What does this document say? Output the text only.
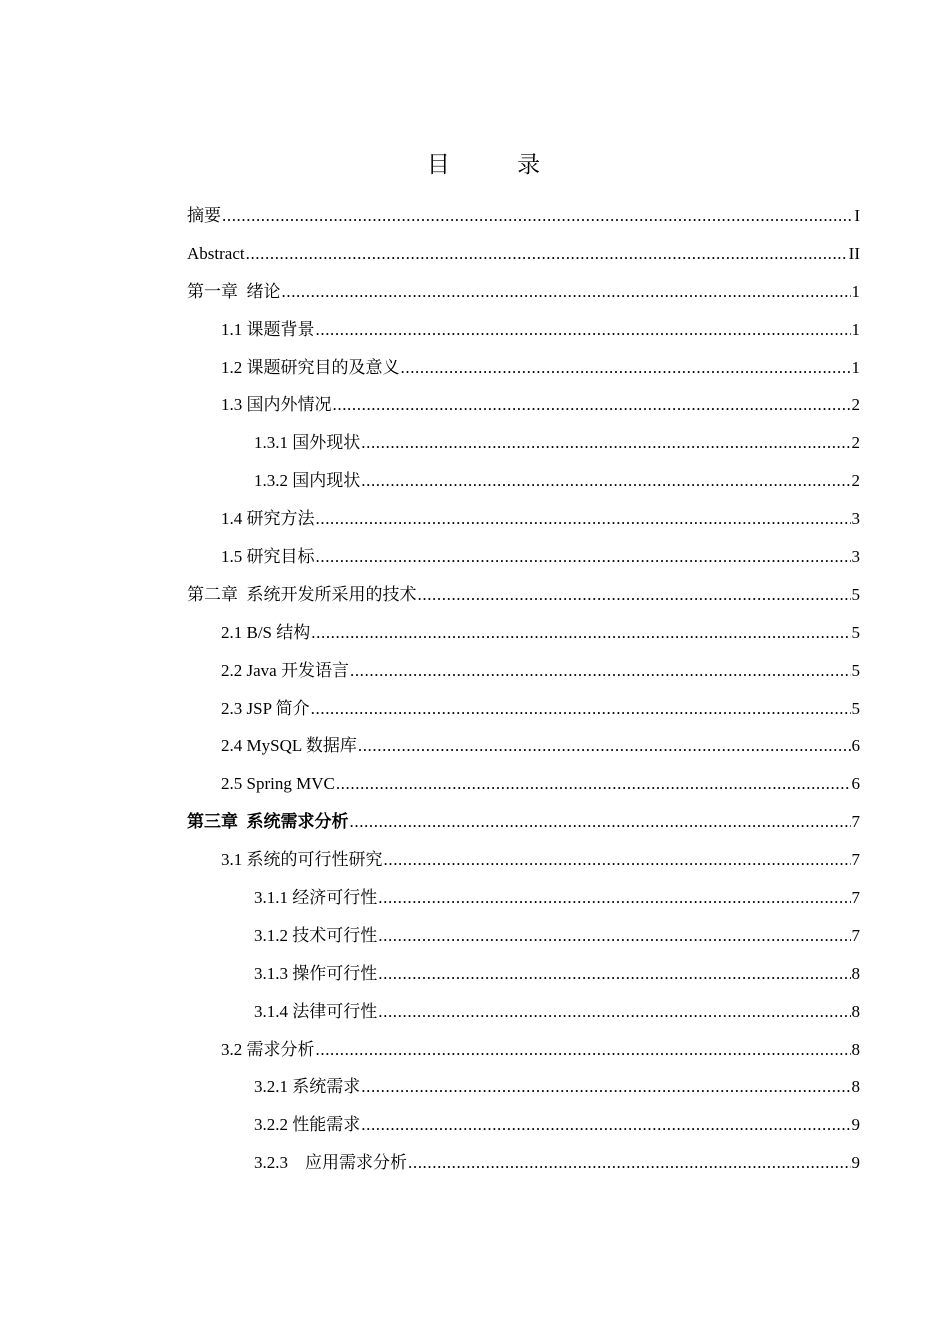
目 录
摘要 .....	I
Abstract .....	II
第一章  绪论 .....	1
1.1 课题背景 .....	1
1.2 课题研究目的及意义 .....	1
1.3 国内外情况 .....	2
1.3.1 国外现状 .....	2
1.3.2 国内现状 .....	2
1.4 研究方法 .....	3
1.5 研究目标 .....	3
第二章  系统开发所采用的技术 .....	5
2.1 B/S 结构 .....	5
2.2 Java 开发语言 .....	5
2.3 JSP 简介 .....	5
2.4 MySQL 数据库 .....	6
2.5 Spring MVC .....	6
第三章  系统需求分析 .....	7
3.1 系统的可行性研究 .....	7
3.1.1 经济可行性 .....	7
3.1.2 技术可行性 .....	7
3.1.3 操作可行性 .....	8
3.1.4 法律可行性 .....	8
3.2 需求分析 .....	8
3.2.1 系统需求 .....	8
3.2.2 性能需求 .....	9
3.2.3    应用需求分析 .....	9
